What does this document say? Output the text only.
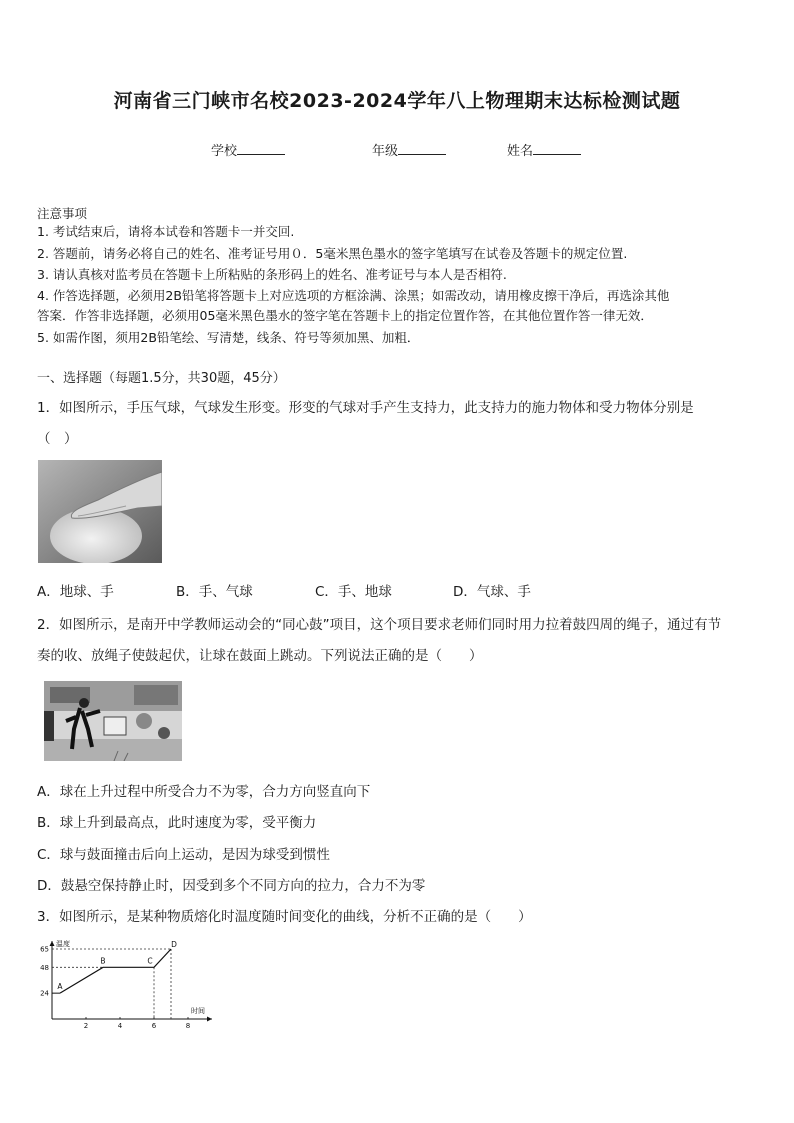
河南省三门峡市名校2023-2024学年八上物理期末达标检测试题
学校	年级	姓名
注意事项
1. 考试结束后，请将本试卷和答题卡一并交回.
2. 答题前，请务必将自己的姓名、准考证号用０．5毫米黑色墨水的签字笔填写在试卷及答题卡的规定位置.
3. 请认真核对监考员在答题卡上所粘贴的条形码上的姓名、准考证号与本人是否相符.
4. 作答选择题，必须用2B铅笔将答题卡上对应选项的方框涂满、涂黑；如需改动，请用橡皮擦干净后，再选涂其他
答案．作答非选择题，必须用05毫米黑色墨水的签字笔在答题卡上的指定位置作答，在其他位置作答一律无效．
5. 如需作图，须用2B铅笔绘、写清楚，线条、符号等须加黑、加粗．
一、选择题（每题1.5分，共30题，45分）
1．如图所示，手压气球，气球发生形变。形变的气球对手产生支持力，此支持力的施力物体和受力物体分别是
（　）
A．地球、手	B．手、气球	C．手、地球	D．气球、手
2．如图所示，是南开中学教师运动会的“同心鼓”项目，这个项目要求老师们同时用力拉着鼓四周的绳子，通过有节
奏的收、放绳子使鼓起伏，让球在鼓面上跳动。下列说法正确的是（　　）
A．球在上升过程中所受合力不为零，合力方向竖直向下
B．球上升到最高点，此时速度为零，受平衡力
C．球与鼓面撞击后向上运动，是因为球受到惯性
D．鼓悬空保持静止时，因受到多个不同方向的拉力，合力不为零
3．如图所示，是某种物质熔化时温度随时间变化的曲线，分析不正确的是（　　）
温度
时间
24
48
65
2	4	6	8
A
B	C
D
